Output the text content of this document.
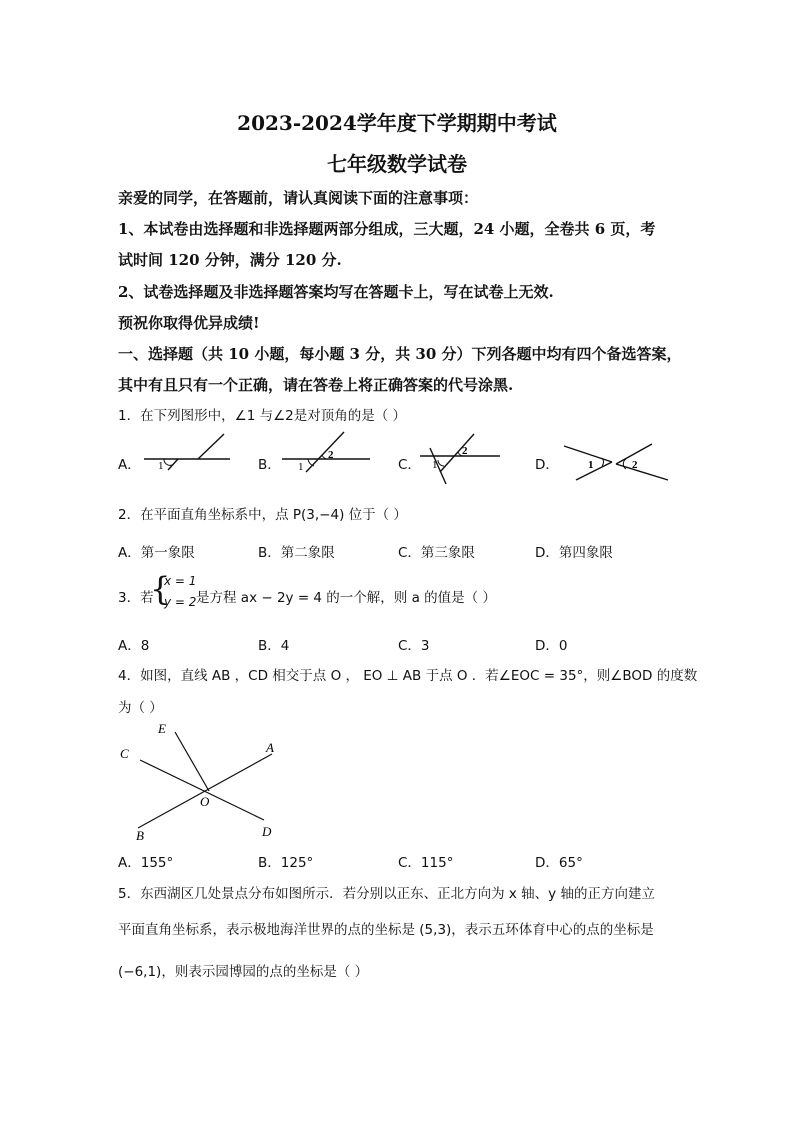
2023-2024学年度下学期期中考试
七年级数学试卷
亲爱的同学，在答题前，请认真阅读下面的注意事项：
1、本试卷由选择题和非选择题两部分组成，三大题，24 小题，全卷共 6 页，考
试时间 120 分钟，满分 120 分.
2、试卷选择题及非选择题答案均写在答题卡上，写在试卷上无效.
预祝你取得优异成绩!
一、选择题（共 10 小题，每小题 3 分，共 30 分）下列各题中均有四个备选答案，
其中有且只有一个正确，请在答卷上将正确答案的代号涂黑.
1．在下列图形中，∠1 与∠2是对顶角的是（ ）
A． 1	B． 1
2
C． 1
2
D．	1	2
2．在平面直角坐标系中，点 P(3,−4) 位于（ ）
A．第一象限	B．第二象限	C．第三象限	D．第四象限
3．若
{
x = 1
y = 2 是方程 ax − 2y = 4 的一个解，则 a 的值是（ ）
A．8	B．4	C．3	D．0
4．如图，直线 AB ，CD 相交于点 O ， EO ⊥ AB 于点 O ．若∠EOC = 35°，则∠BOD 的度数
为（ ）
E
C	A
O
B	D
A．155°	B．125°	C．115°	D．65°
5．东西湖区几处景点分布如图所示．若分别以正东、正北方向为 x 轴、y 轴的正方向建立
平面直角坐标系，表示极地海洋世界的点的坐标是 (5,3)，表示五环体育中心的点的坐标是
(−6,1)，则表示园博园的点的坐标是（ ）
